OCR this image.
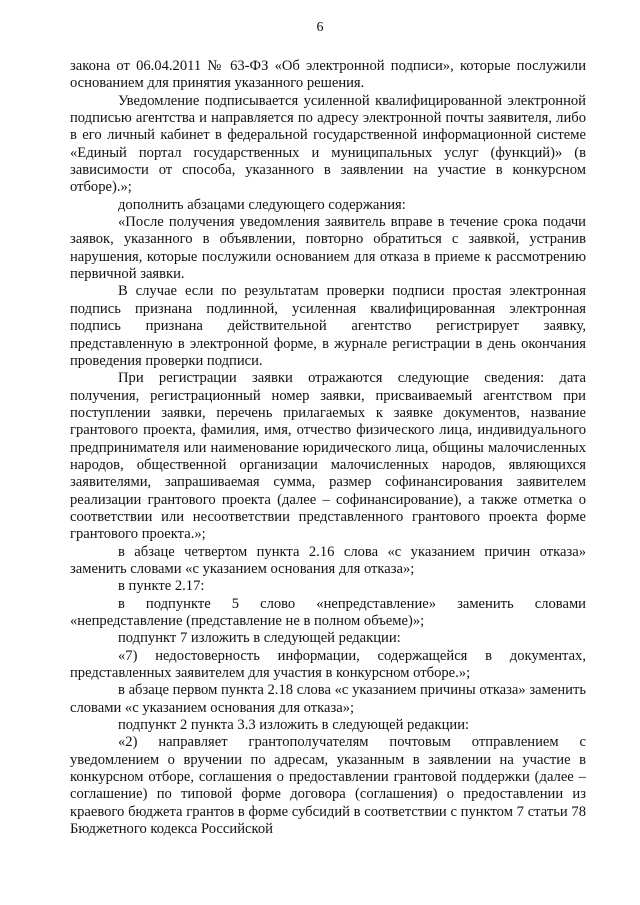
6

закона от 06.04.2011 № 63-ФЗ «Об электронной подписи», которые послужили основанием для принятия указанного решения.

Уведомление подписывается усиленной квалифицированной электронной подписью агентства и направляется по адресу электронной почты заявителя, либо в его личный кабинет в федеральной государственной информационной системе «Единый портал государственных и муниципальных услуг (функций)» (в зависимости от способа, указанного в заявлении на участие в конкурсном отборе).»;

дополнить абзацами следующего содержания:

«После получения уведомления заявитель вправе в течение срока подачи заявок, указанного в объявлении, повторно обратиться с заявкой, устранив нарушения, которые послужили основанием для отказа в приеме к рассмотрению первичной заявки.

В случае если по результатам проверки подписи простая электронная подпись признана подлинной, усиленная квалифицированная электронная подпись признана действительной агентство регистрирует заявку, представленную в электронной форме, в журнале регистрации в день окончания проведения проверки подписи.

При регистрации заявки отражаются следующие сведения: дата получения, регистрационный номер заявки, присваиваемый агентством при поступлении заявки, перечень прилагаемых к заявке документов, название грантового проекта, фамилия, имя, отчество физического лица, индивидуального предпринимателя или наименование юридического лица, общины малочисленных народов, общественной организации малочисленных народов, являющихся заявителями, запрашиваемая сумма, размер софинансирования заявителем реализации грантового проекта (далее – софинансирование), а также отметка о соответствии или несоответствии представленного грантового проекта форме грантового проекта.»;

в абзаце четвертом пункта 2.16 слова «с указанием причин отказа» заменить словами «с указанием основания для отказа»;

в пункте 2.17:

в подпункте 5 слово «непредставление» заменить словами «непредставление (представление не в полном объеме)»;

подпункт 7 изложить в следующей редакции:

«7) недостоверность информации, содержащейся в документах, представленных заявителем для участия в конкурсном отборе.»;

в абзаце первом пункта 2.18 слова «с указанием причины отказа» заменить словами «с указанием основания для отказа»;

подпункт 2 пункта 3.3 изложить в следующей редакции:

«2) направляет грантополучателям почтовым отправлением с уведомлением о вручении по адресам, указанным в заявлении на участие в конкурсном отборе, соглашения о предоставлении грантовой поддержки (далее – соглашение) по типовой форме договора (соглашения) о предоставлении из краевого бюджета грантов в форме субсидий в соответствии с пунктом 7 статьи 78 Бюджетного кодекса Российской
